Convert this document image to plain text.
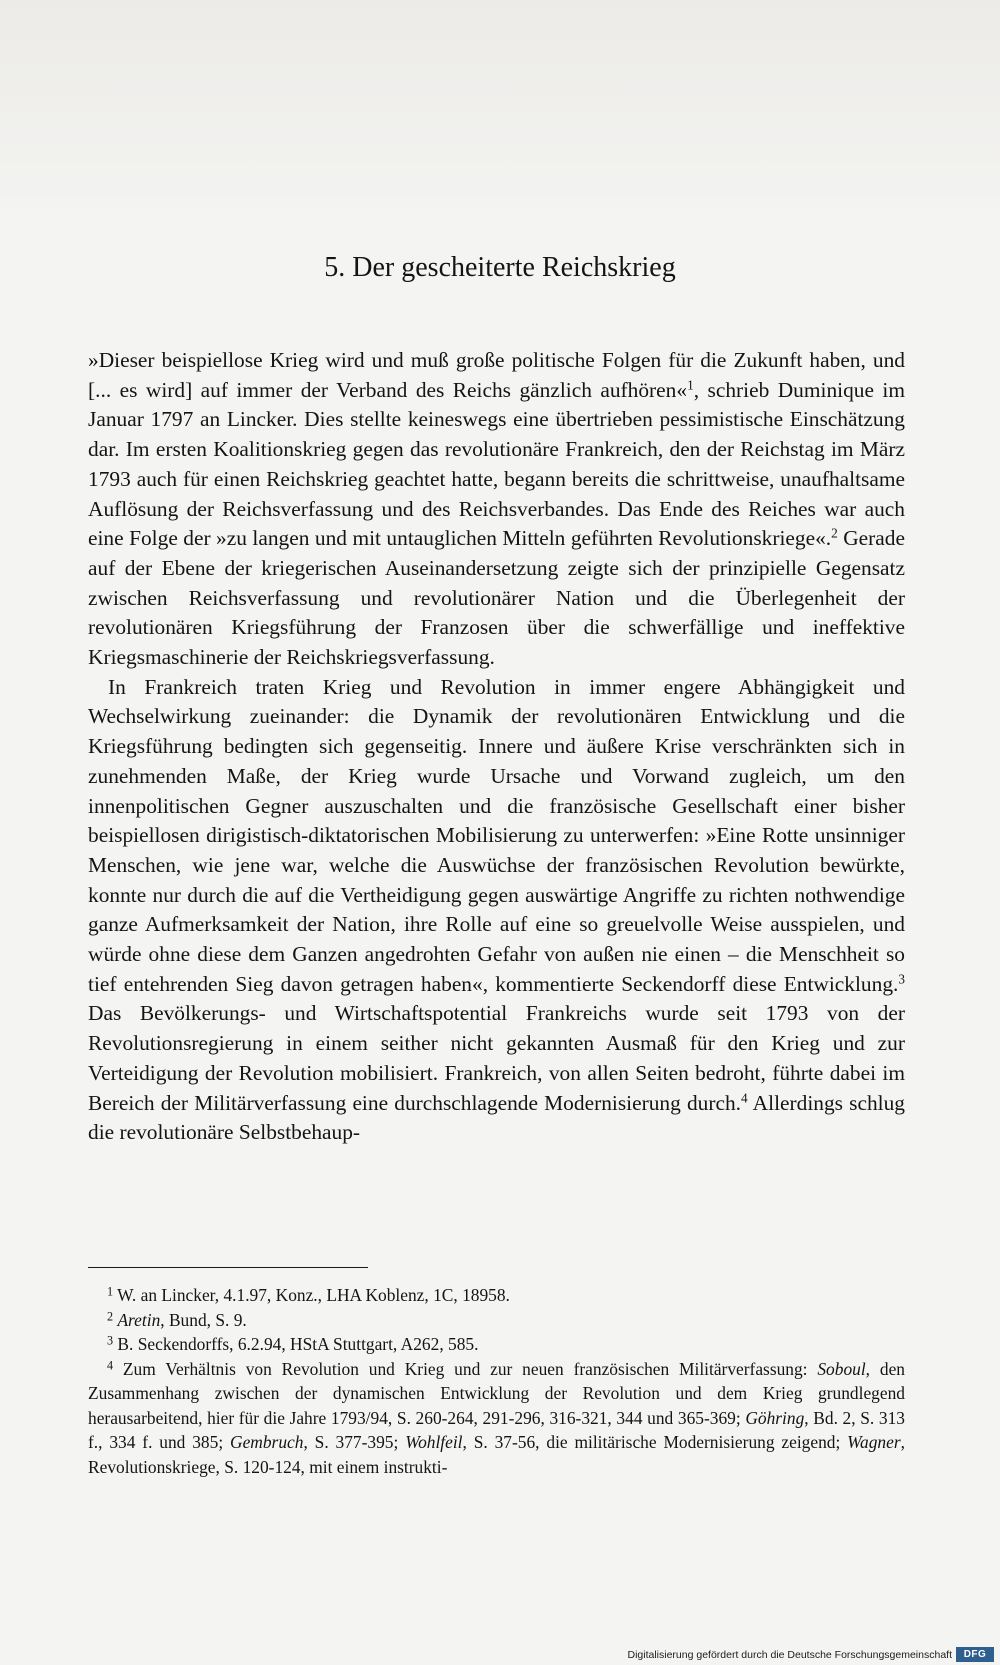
5. Der gescheiterte Reichskrieg

»Dieser beispiellose Krieg wird und muß große politische Folgen für die Zukunft haben, und [... es wird] auf immer der Verband des Reichs gänzlich aufhören«$^1$, schrieb Duminique im Januar 1797 an Lincker. Dies stellte keineswegs eine übertrieben pessimistische Einschätzung dar. Im ersten Koalitionskrieg gegen das revolutionäre Frankreich, den der Reichstag im März 1793 auch für einen Reichskrieg geachtet hatte, begann bereits die schrittweise, unaufhaltsame Auflösung der Reichsverfassung und des Reichsverbandes. Das Ende des Reiches war auch eine Folge der »zu langen und mit untauglichen Mitteln geführten Revolutionskriege«.$^2$ Gerade auf der Ebene der kriegerischen Auseinandersetzung zeigte sich der prinzipielle Gegensatz zwischen Reichsverfassung und revolutionärer Nation und die Überlegenheit der revolutionären Kriegsführung der Franzosen über die schwerfällige und ineffektive Kriegsmaschinerie der Reichskriegsverfassung.

In Frankreich traten Krieg und Revolution in immer engere Abhängigkeit und Wechselwirkung zueinander: die Dynamik der revolutionären Entwicklung und die Kriegsführung bedingten sich gegenseitig. Innere und äußere Krise verschränkten sich in zunehmenden Maße, der Krieg wurde Ursache und Vorwand zugleich, um den innenpolitischen Gegner auszuschalten und die französische Gesellschaft einer bisher beispiellosen dirigistisch-diktatorischen Mobilisierung zu unterwerfen: »Eine Rotte unsinniger Menschen, wie jene war, welche die Auswüchse der französischen Revolution bewürkte, konnte nur durch die auf die Vertheidigung gegen auswärtige Angriffe zu richten nothwendige ganze Aufmerksamkeit der Nation, ihre Rolle auf eine so greuelvolle Weise ausspielen, und würde ohne diese dem Ganzen angedrohten Gefahr von außen nie einen – die Menschheit so tief entehrenden Sieg davon getragen haben«, kommentierte Seckendorff diese Entwicklung.$^3$ Das Bevölkerungs- und Wirtschaftspotential Frankreichs wurde seit 1793 von der Revolutionsregierung in einem seither nicht gekannten Ausmaß für den Krieg und zur Verteidigung der Revolution mobilisiert. Frankreich, von allen Seiten bedroht, führte dabei im Bereich der Militärverfassung eine durchschlagende Modernisierung durch.$^4$ Allerdings schlug die revolutionäre Selbstbehaup-

$^1$ W. an Lincker, 4.1.97, Konz., LHA Koblenz, 1C, 18958.

$^2$ Aretin, Bund, S. 9.

$^3$ B. Seckendorffs, 6.2.94, HStA Stuttgart, A262, 585.

$^4$ Zum Verhältnis von Revolution und Krieg und zur neuen französischen Militärverfassung: Soboul, den Zusammenhang zwischen der dynamischen Entwicklung der Revolution und dem Krieg grundlegend herausarbeitend, hier für die Jahre 1793/94, S. 260-264, 291-296, 316-321, 344 und 365-369; Göhring, Bd. 2, S. 313 f., 334 f. und 385; Gembruch, S. 377-395; Wohlfeil, S. 37-56, die militärische Modernisierung zeigend; Wagner, Revolutionskriege, S. 120-124, mit einem instrukti-

Digitalisierung gefördert durch die Deutsche Forschungsgemeinschaft	DFG
